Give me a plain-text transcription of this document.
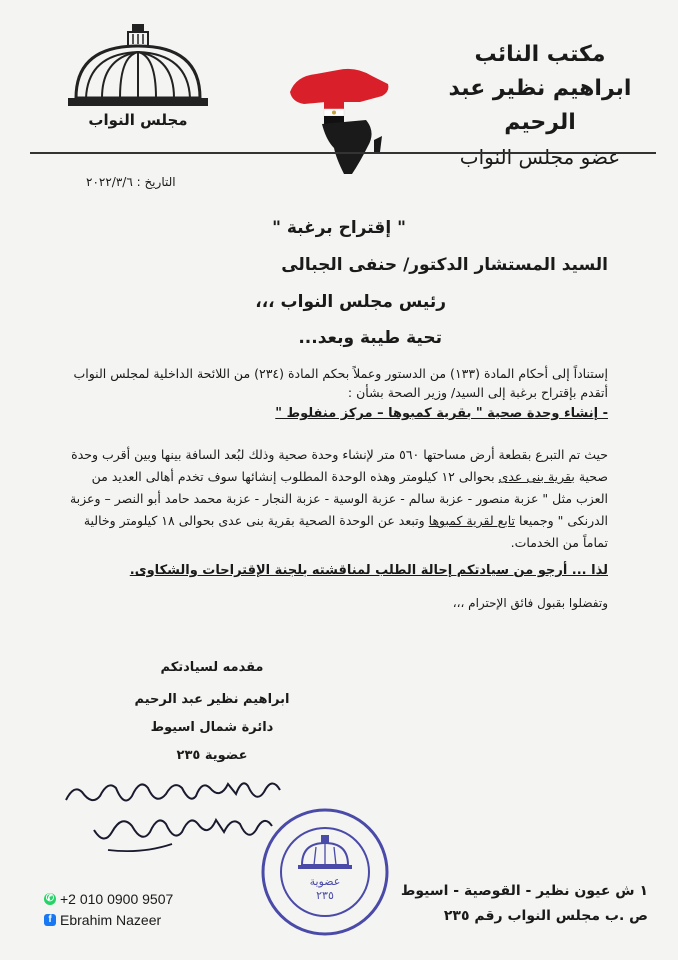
مكتب النائب
ابراهيم نظير عبد الرحيم
عضو مجلس النواب
مجلس النواب
التاريخ : ٢٠٢٢/٣/٦
" إقتراح برغبة "
السيد المستشار الدكتور/ حنفى الجبالى
رئيس مجلس النواب ،،،
تحية طيبة وبعد...
إستناداً إلى أحكام المادة (١٣٣) من الدستور وعملاً بحكم المادة (٢٣٤) من اللائحة الداخلية لمجلس النواب أتقدم بإقتراح برغبة إلى السيد/ وزير الصحة بشأن :
- إنشاء وحدة صحية " بقرية كمبوها – مركز منفلوط "
حيث تم التبرع بقطعة أرض مساحتها ٥٦٠ متر لإنشاء وحدة صحية وذلك لبُعد السافة بينها وبين أقرب وحدة صحية بقرية بنى عدى بحوالى ١٢ كيلومتر وهذه الوحدة المطلوب إنشائها سوف تخدم أهالى العديد من العزب مثل " عزبة منصور - عزبة سالم - عزبة الوسية - عزبة النجار - عزبة محمد حامد أبو النصر – وعزبة الدرنكى " وجميعا تابع لقرية كمبوها وتبعد عن الوحدة الصحية بقرية بنى عدى بحوالى ١٨ كيلومتر وخالية تماماً من الخدمات.
لذا ... أرجو من سيادتكم إحالة الطلب لمناقشته بلجنة الإقتراحات والشكاوى.
وتفضلوا بقبول فائق الإحترام ،،،
مقدمه لسيادتكم
ابراهيم نظير عبد الرحيم
دائرة شمال اسيوط
عضوية ٢٣٥
عضوية
٢٣٥	١ ش عيون نظير - القوصية - اسيوط
ص .ب مجلس النواب رقم ٢٣٥
✆ +2 010 0900 9507
f Ebrahim Nazeer
